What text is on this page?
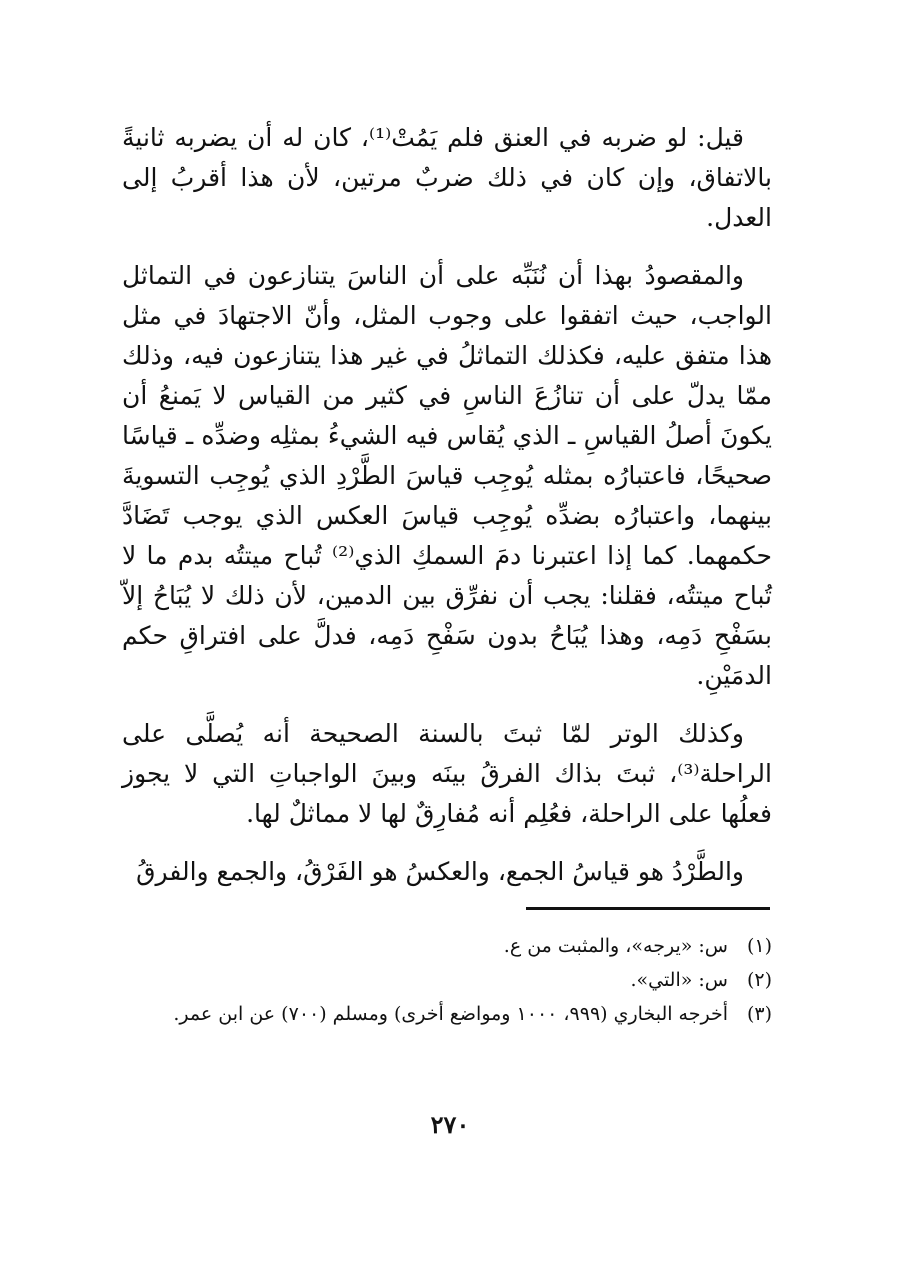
قيل: لو ضربه في العنق فلم يَمُتْ⁽¹⁾، كان له أن يضربه ثانيةً بالاتفاق، وإن كان في ذلك ضربٌ مرتين، لأن هذا أقربُ إلى العدل.

والمقصودُ بهذا أن نُنَبِّه على أن الناسَ يتنازعون في التماثل الواجب، حيث اتفقوا على وجوب المثل، وأنّ الاجتهادَ في مثل هذا متفق عليه، فكذلك التماثلُ في غير هذا يتنازعون فيه، وذلك ممّا يدلّ على أن تنازُعَ الناسِ في كثير من القياس لا يَمنعُ أن يكونَ أصلُ القياسِ ـ الذي يُقاس فيه الشيءُ بمثلِه وضدِّه ـ قياسًا صحيحًا، فاعتبارُه بمثله يُوجِب قياسَ الطَّرْدِ الذي يُوجِب التسويةَ بينهما، واعتبارُه بضدِّه يُوجِب قياسَ العكس الذي يوجب تَضَادَّ حكمهما. كما إذا اعتبرنا دمَ السمكِ الذي⁽²⁾ تُباح ميتتُه بدم ما لا تُباح ميتتُه، فقلنا: يجب أن نفرِّق بين الدمين، لأن ذلك لا يُبَاحُ إلاّ بسَفْحِ دَمِه، وهذا يُبَاحُ بدون سَفْحِ دَمِه، فدلَّ على افتراقِ حكم الدمَيْنِ.

وكذلك الوتر لمّا ثبتَ بالسنة الصحيحة أنه يُصلَّى على الراحلة⁽³⁾، ثبتَ بذاك الفرقُ بينَه وبينَ الواجباتِ التي لا يجوز فعلُها على الراحلة، فعُلِم أنه مُفارِقٌ لها لا مماثلٌ لها.

والطَّرْدُ هو قياسُ الجمع، والعكسُ هو الفَرْقُ، والجمع والفرقُ

(١)
س: «يرجه»، والمثبت من ع.
(٢)
س: «التي».
(٣)
أخرجه البخاري (٩٩٩، ١٠٠٠ ومواضع أخرى) ومسلم (٧٠٠) عن ابن عمر.
٢٧٠
